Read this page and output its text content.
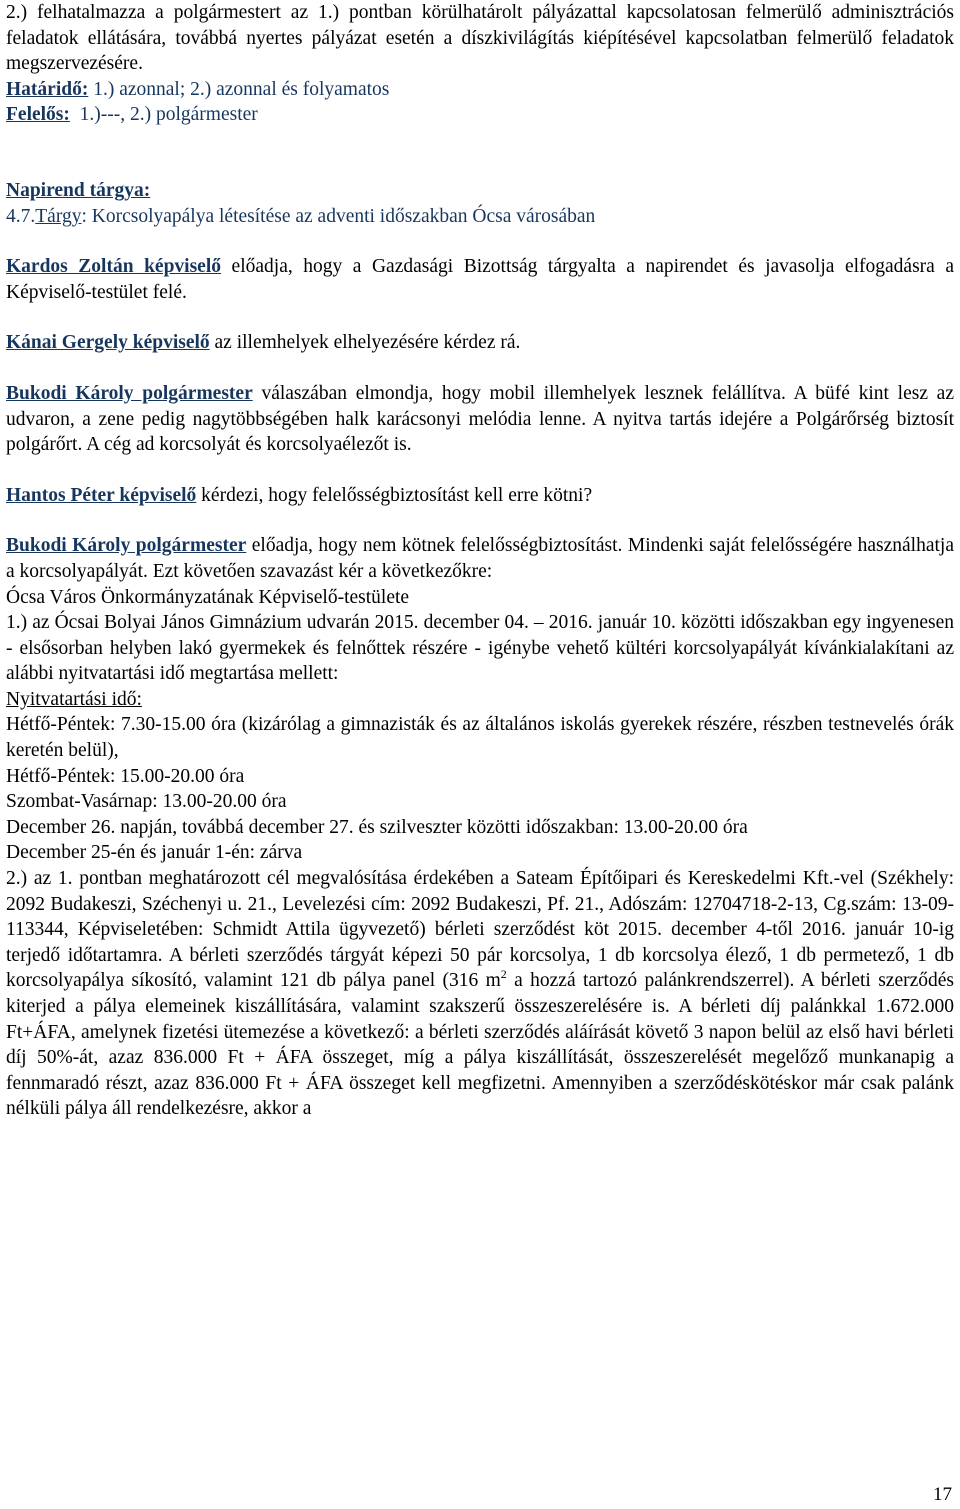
2.) felhatalmazza a polgármestert az 1.) pontban körülhatárolt pályázattal kapcsolatosan felmerülő adminisztrációs feladatok ellátására, továbbá nyertes pályázat esetén a díszkivilágítás kiépítésével kapcsolatban felmerülő feladatok megszervezésére.

Határidő: 1.) azonnal; 2.) azonnal és folyamatos

Felelős:  1.)---, 2.) polgármester

Napirend tárgya:

4.7.Tárgy: Korcsolyapálya létesítése az adventi időszakban Ócsa városában

Kardos Zoltán képviselő előadja, hogy a Gazdasági Bizottság tárgyalta a napirendet és javasolja elfogadásra a Képviselő-testület felé.

Kánai Gergely képviselő az illemhelyek elhelyezésére kérdez rá.

Bukodi Károly polgármester válaszában elmondja, hogy mobil illemhelyek lesznek felállítva. A büfé kint lesz az udvaron, a zene pedig nagytöbbségében halk karácsonyi melódia lenne. A nyitva tartás idejére a Polgárőrség biztosít polgárőrt. A cég ad korcsolyát és korcsolyaélezőt is.

Hantos Péter képviselő kérdezi, hogy felelősségbiztosítást kell erre kötni?

Bukodi Károly polgármester előadja, hogy nem kötnek felelősségbiztosítást. Mindenki saját felelősségére használhatja a korcsolyapályát. Ezt követően szavazást kér a következőkre:

Ócsa Város Önkormányzatának Képviselő-testülete

1.) az Ócsai Bolyai János Gimnázium udvarán 2015. december 04. – 2016. január 10. közötti időszakban egy ingyenesen - elsősorban helyben lakó gyermekek és felnőttek részére - igénybe vehető kültéri korcsolyapályát kívánkialakítani az alábbi nyitvatartási idő megtartása mellett:

Nyitvatartási idő:

Hétfő-Péntek: 7.30-15.00 óra (kizárólag a gimnazisták és az általános iskolás gyerekek részére, részben testnevelés órák keretén belül),

Hétfő-Péntek: 15.00-20.00 óra

Szombat-Vasárnap: 13.00-20.00 óra

December 26. napján, továbbá december 27. és szilveszter közötti időszakban: 13.00-20.00 óra

December 25-én és január 1-én: zárva

2.) az 1. pontban meghatározott cél megvalósítása érdekében a Sateam Építőipari és Kereskedelmi Kft.-vel (Székhely: 2092 Budakeszi, Széchenyi u. 21., Levelezési cím: 2092 Budakeszi, Pf. 21., Adószám: 12704718-2-13, Cg.szám: 13-09-113344, Képviseletében: Schmidt Attila ügyvezető) bérleti szerződést köt 2015. december 4-től 2016. január 10-ig terjedő időtartamra. A bérleti szerződés tárgyát képezi 50 pár korcsolya, 1 db korcsolya élező, 1 db permetező, 1 db korcsolyapálya síkosító, valamint 121 db pálya panel (316 $m^2$ a hozzá tartozó palánkrendszerrel). A bérleti szerződés kiterjed a pálya elemeinek kiszállítására, valamint szakszerű összeszerelésére is. A bérleti díj palánkkal 1.672.000 Ft+ÁFA, amelynek fizetési ütemezése a következő: a bérleti szerződés aláírását követő 3 napon belül az első havi bérleti díj 50%-át, azaz 836.000 Ft + ÁFA összeget, míg a pálya kiszállítását, összeszerelését megelőző munkanapig a fennmaradó részt, azaz 836.000 Ft + ÁFA összeget kell megfizetni. Amennyiben a szerződéskötéskor már csak palánk nélküli pálya áll rendelkezésre, akkor a

17
